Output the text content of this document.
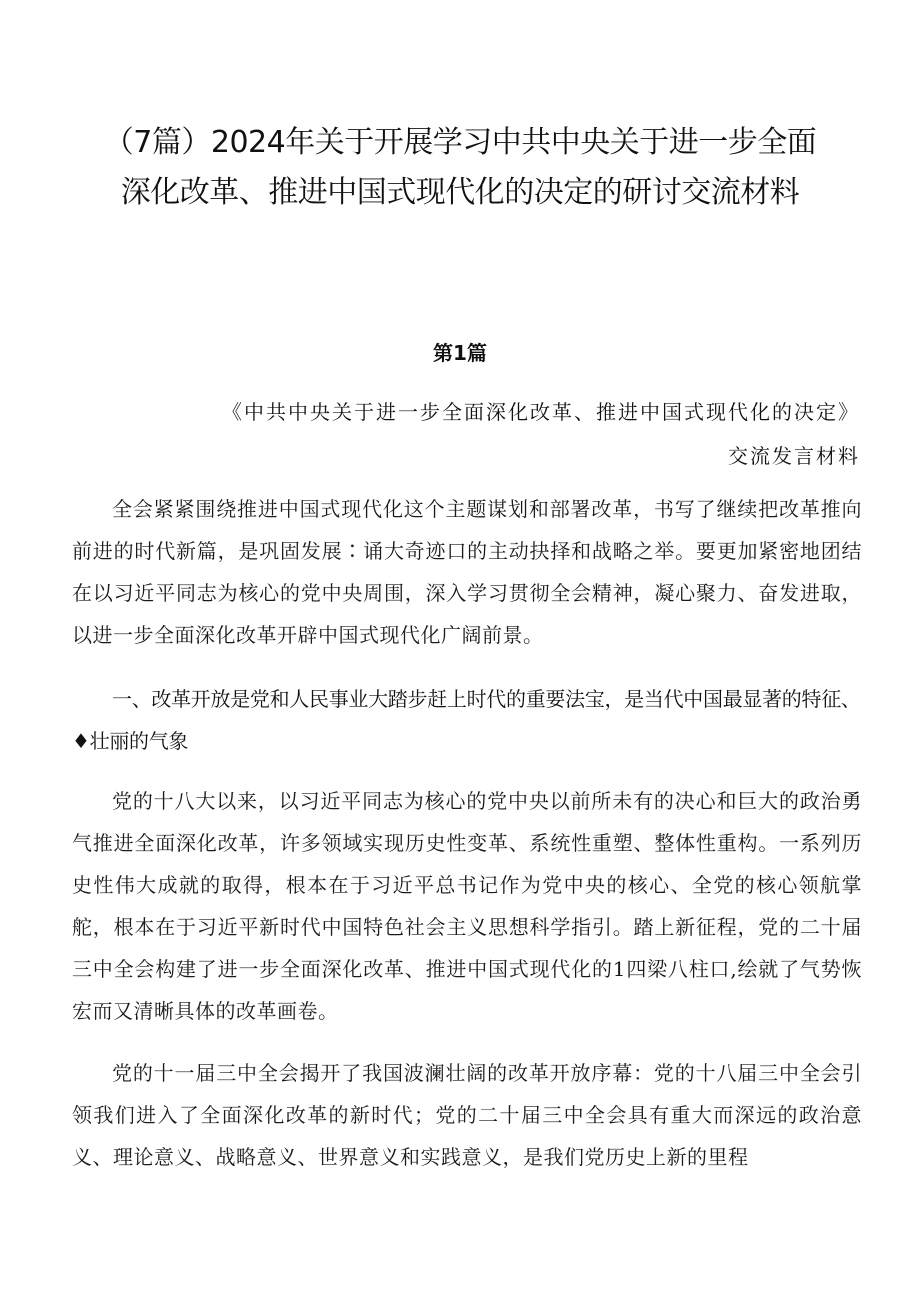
（7篇）2024年关于开展学习中共中央关于进一步全面深化改革、推进中国式现代化的决定的研讨交流材料
第1篇
《中共中央关于进一步全面深化改革、推进中国式现代化的决定》
交流发言材料

全会紧紧围绕推进中国式现代化这个主题谋划和部署改革，书写了继续把改革推向前进的时代新篇，是巩固发展∶诵大奇迹口的主动抉择和战略之举。要更加紧密地团结在以习近平同志为核心的党中央周围，深入学习贯彻全会精神，凝心聚力、奋发进取，以进一步全面深化改革开辟中国式现代化广阔前景。

一、改革开放是党和人民事业大踏步赶上时代的重要法宝，是当代中国最显著的特征、♦壮丽的气象

党的十八大以来，以习近平同志为核心的党中央以前所未有的决心和巨大的政治勇气推进全面深化改革，许多领域实现历史性变革、系统性重塑、整体性重构。一系列历史性伟大成就的取得，根本在于习近平总书记作为党中央的核心、全党的核心领航掌舵，根本在于习近平新时代中国特色社会主义思想科学指引。踏上新征程，党的二十届三中全会构建了进一步全面深化改革、推进中国式现代化的1四梁八柱口,绘就了气势恢宏而又清晰具体的改革画卷。

党的十一届三中全会揭开了我国波澜壮阔的改革开放序幕：党的十八届三中全会引领我们进入了全面深化改革的新时代；党的二十届三中全会具有重大而深远的政治意义、理论意义、战略意义、世界意义和实践意义，是我们党历史上新的里程
